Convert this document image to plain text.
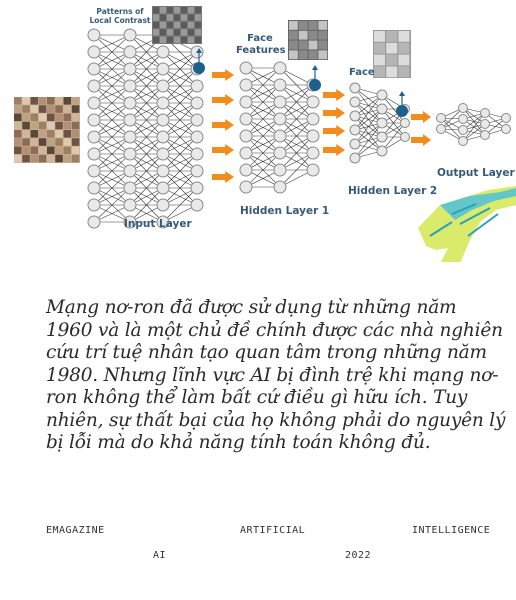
Patterns of Local Contrast
Face Features
Face
Input Layer
Hidden Layer 1
Hidden Layer 2
Output Layer
Mạng nơ-ron đã được sử dụng từ những năm 1960 và là một chủ đề chính được các nhà nghiên cứu trí tuệ nhân tạo quan tâm trong những năm 1980. Nhưng lĩnh vực AI bị đình trệ khi mạng nơ-ron không thể làm bất cứ điều gì hữu ích. Tuy nhiên, sự thất bại của họ không phải do nguyên lý bị lỗi mà do khả năng tính toán không đủ.
EMAGAZINE	ARTIFICIAL	INTELLIGENCE
AI	2022
